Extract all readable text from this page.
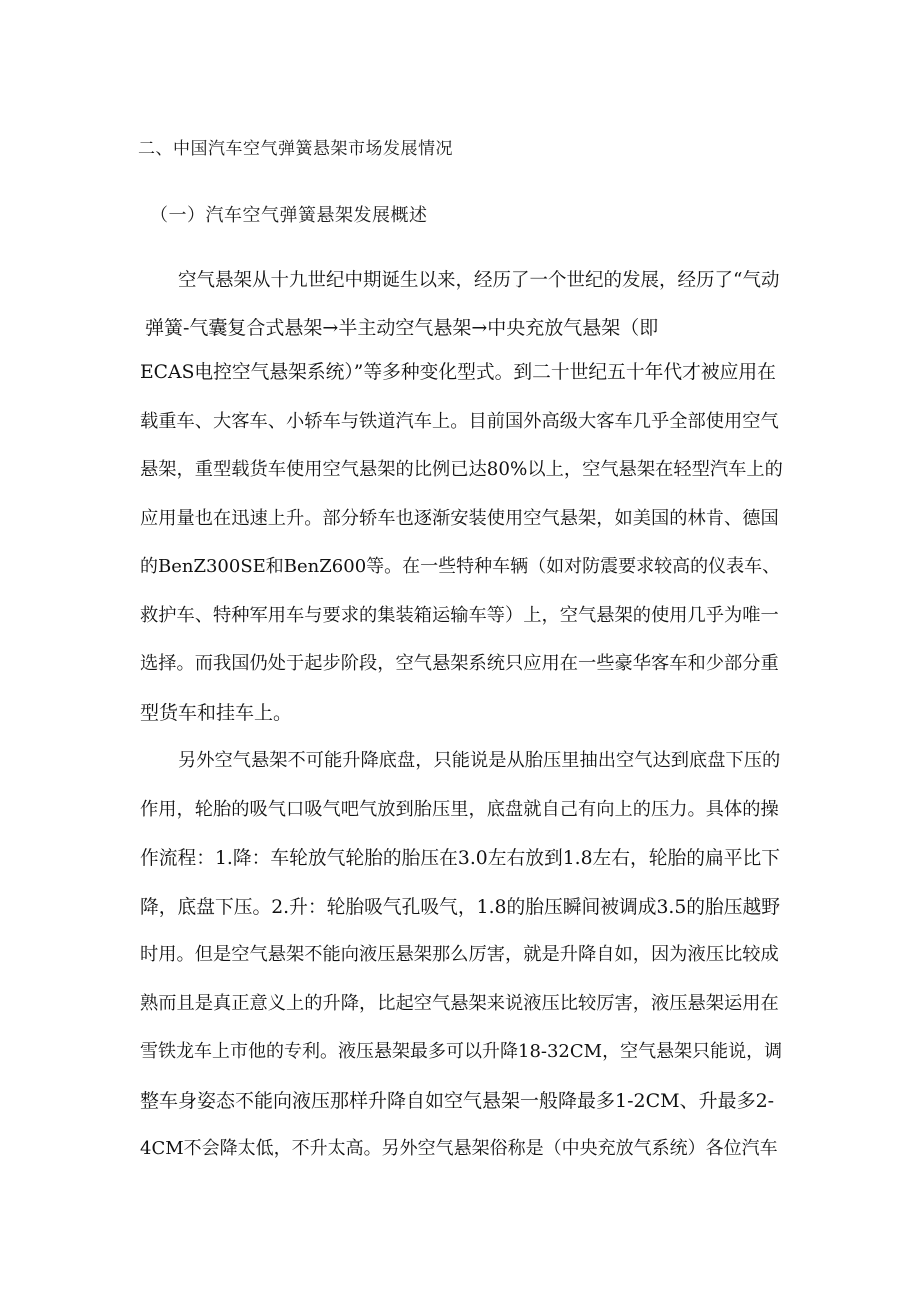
二、中国汽车空气弹簧悬架市场发展情况
（一）汽车空气弹簧悬架发展概述
空气悬架从十九世纪中期诞生以来，经历了一个世纪的发展，经历了“气动
弹簧-气囊复合式悬架→半主动空气悬架→中央充放气悬架（即
ECAS电控空气悬架系统）”等多种变化型式。到二十世纪五十年代才被应用在
载重车、大客车、小轿车与铁道汽车上。目前国外高级大客车几乎全部使用空气
悬架，重型载货车使用空气悬架的比例已达80%以上，空气悬架在轻型汽车上的
应用量也在迅速上升。部分轿车也逐渐安装使用空气悬架，如美国的林肯、德国
的BenZ300SE和BenZ600等。在一些特种车辆（如对防震要求较高的仪表车、
救护车、特种军用车与要求的集装箱运输车等）上，空气悬架的使用几乎为唯一
选择。而我国仍处于起步阶段，空气悬架系统只应用在一些豪华客车和少部分重
型货车和挂车上。
另外空气悬架不可能升降底盘，只能说是从胎压里抽出空气达到底盘下压的
作用，轮胎的吸气口吸气吧气放到胎压里，底盘就自己有向上的压力。具体的操
作流程：1.降：车轮放气轮胎的胎压在3.0左右放到1.8左右，轮胎的扁平比下
降，底盘下压。2.升：轮胎吸气孔吸气，1.8的胎压瞬间被调成3.5的胎压越野
时用。但是空气悬架不能向液压悬架那么厉害，就是升降自如，因为液压比较成
熟而且是真正意义上的升降，比起空气悬架来说液压比较厉害，液压悬架运用在
雪铁龙车上市他的专利。液压悬架最多可以升降18-32CM，空气悬架只能说，调
整车身姿态不能向液压那样升降自如空气悬架一般降最多1-2CM、升最多2-
4CM不会降太低，不升太高。另外空气悬架俗称是（中央充放气系统）各位汽车
